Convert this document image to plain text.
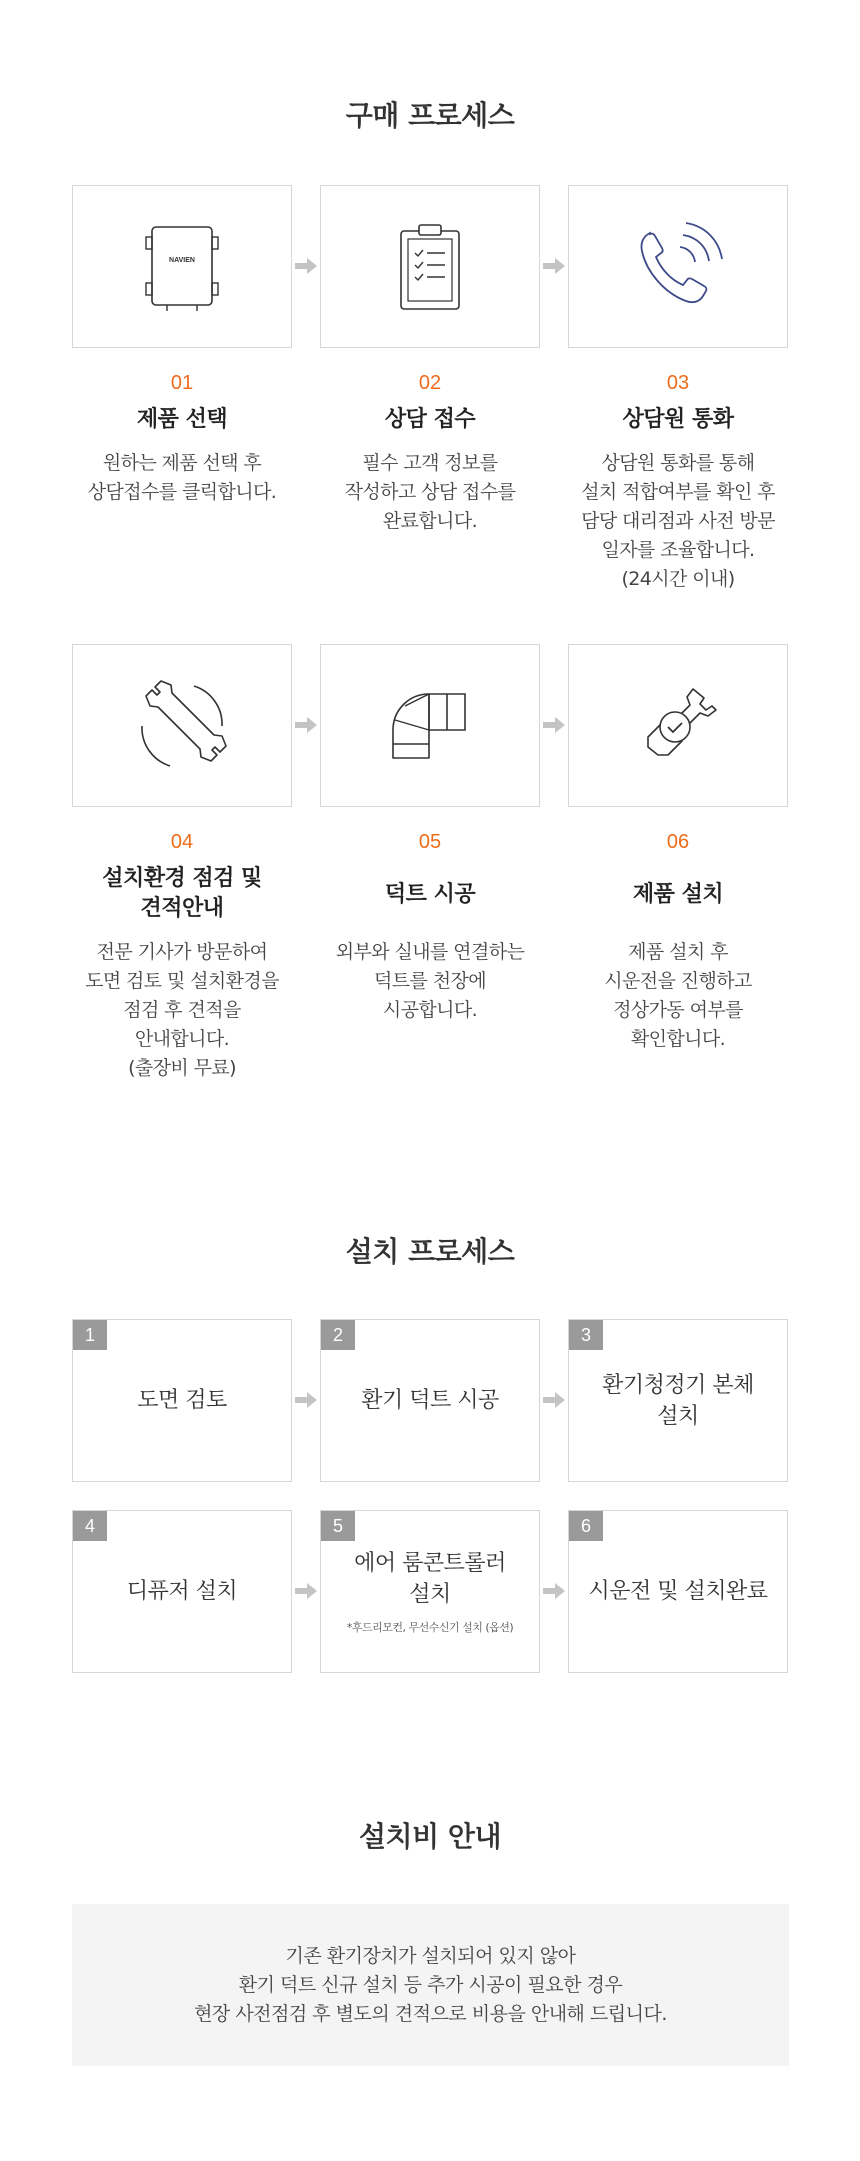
구매 프로세스
NAVIEN
01
제품 선택
원하는 제품 선택 후
상담접수를 클릭합니다.
02
상담 접수
필수 고객 정보를
작성하고 상담 접수를
완료합니다.
03
상담원 통화
상담원 통화를 통해
설치 적합여부를 확인 후
담당 대리점과 사전 방문
일자를 조율합니다.
(24시간 이내)
04
설치환경 점검 및
견적안내
전문 기사가 방문하여
도면 검토 및 설치환경을
점검 후 견적을
안내합니다.
(출장비 무료)
05
덕트 시공
외부와 실내를 연결하는
덕트를 천장에
시공합니다.
06
제품 설치
제품 설치 후
시운전을 진행하고
정상가동 여부를
확인합니다.
설치 프로세스
도면 검토
1
환기 덕트 시공
2
환기청정기 본체
설치
3
디퓨저 설치
4
에어 룸콘트롤러
설치
*후드리모컨, 무선수신기 설치 (옵션)
5
시운전 및 설치완료
6
설치비 안내
기존 환기장치가 설치되어 있지 않아
환기 덕트 신규 설치 등 추가 시공이 필요한 경우
현장 사전점검 후 별도의 견적으로 비용을 안내해 드립니다.
